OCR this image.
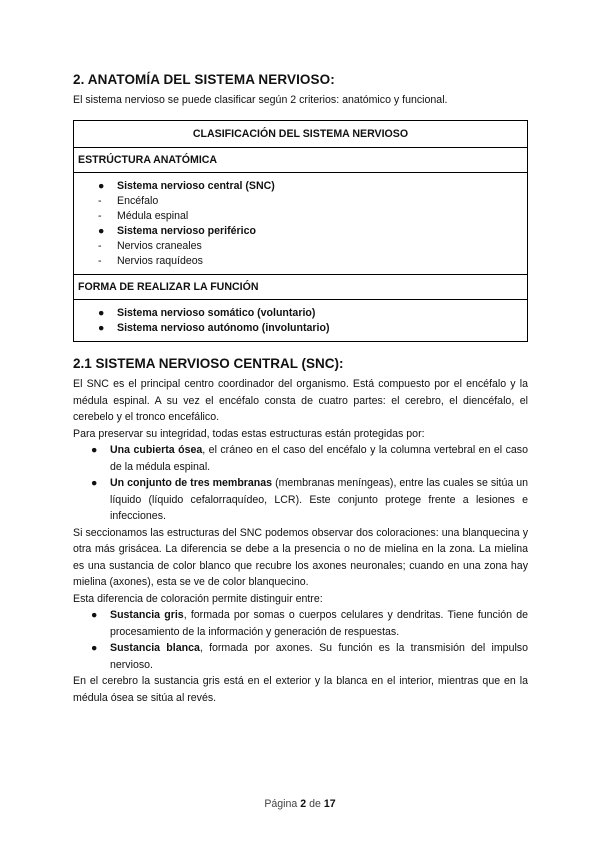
2. ANATOMÍA DEL SISTEMA NERVIOSO:

El sistema nervioso se puede clasificar según 2 criterios: anatómico y funcional.

CLASIFICACIÓN DEL SISTEMA NERVIOSO
ESTRÚCTURA ANATÓMICA

● Sistema nervioso central (SNC)
- Encéfalo
- Médula espinal
● Sistema nervioso periférico
- Nervios craneales
- Nervios raquídeos

FORMA DE REALIZAR LA FUNCIÓN

● Sistema nervioso somático (voluntario)
● Sistema nervioso autónomo (involuntario)
2.1 SISTEMA NERVIOSO CENTRAL (SNC):

El SNC es el principal centro coordinador del organismo. Está compuesto por el encéfalo y la médula espinal. A su vez el encéfalo consta de cuatro partes: el cerebro, el diencéfalo, el cerebelo y el tronco encefálico.

Para preservar su integridad, todas estas estructuras están protegidas por:

● Una cubierta ósea, el cráneo en el caso del encéfalo y la columna vertebral en el caso de la médula espinal.
● Un conjunto de tres membranas (membranas meníngeas), entre las cuales se sitúa un líquido (líquido cefalorraquídeo, LCR). Este conjunto protege frente a lesiones e infecciones.

Si seccionamos las estructuras del SNC podemos observar dos coloraciones: una blanquecina y otra más grisácea. La diferencia se debe a la presencia o no de mielina en la zona. La mielina es una sustancia de color blanco que recubre los axones neuronales; cuando en una zona hay mielina (axones), esta se ve de color blanquecino.

Esta diferencia de coloración permite distinguir entre:

● Sustancia gris, formada por somas o cuerpos celulares y dendritas. Tiene función de procesamiento de la información y generación de respuestas.
● Sustancia blanca, formada por axones. Su función es la transmisión del impulso nervioso.

En el cerebro la sustancia gris está en el exterior y la blanca en el interior, mientras que en la médula ósea se sitúa al revés.

Página 2 de 17
